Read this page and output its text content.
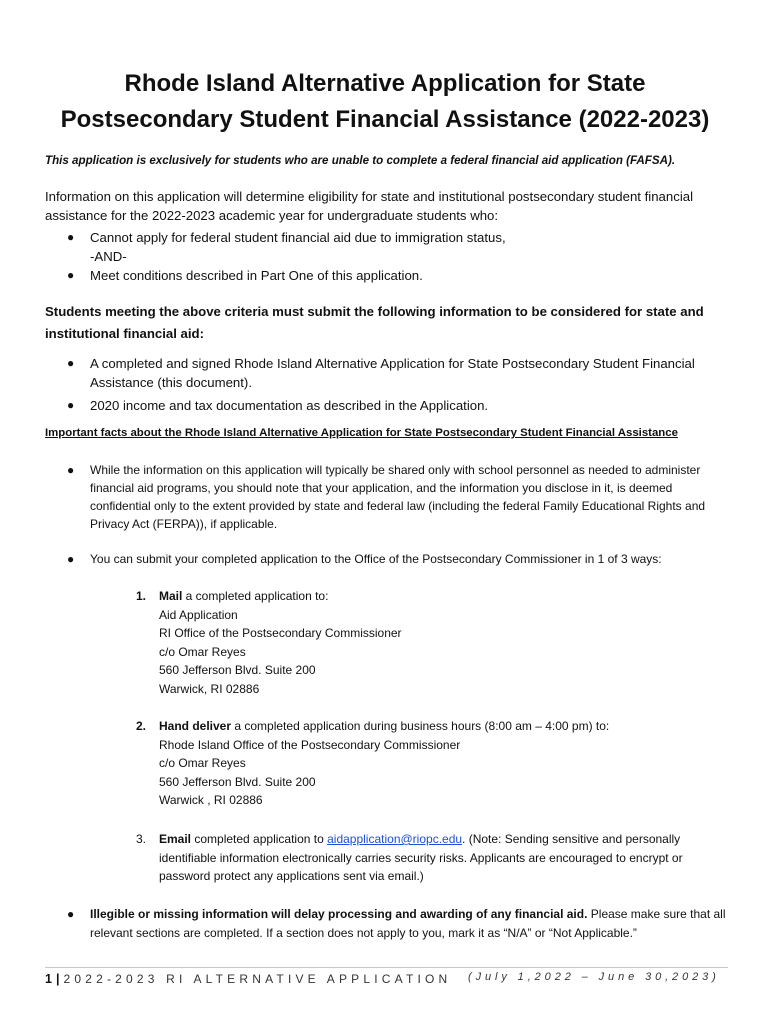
Rhode Island Alternative Application for State
Postsecondary Student Financial Assistance (2022-2023)
This application is exclusively for students who are unable to complete a federal financial aid application (FAFSA).
Information on this application will determine eligibility for state and institutional postsecondary student financial assistance for the 2022-2023 academic year for undergraduate students who:
● Cannot apply for federal student financial aid due to immigration status,
-AND-
● Meet conditions described in Part One of this application.
Students meeting the above criteria must submit the following information to be considered for state and institutional financial aid:
● A completed and signed Rhode Island Alternative Application for State Postsecondary Student Financial Assistance (this document).
● 2020 income and tax documentation as described in the Application.
Important facts about the Rhode Island Alternative Application for State Postsecondary Student Financial Assistance
● While the information on this application will typically be shared only with school personnel as needed to administer financial aid programs, you should note that your application, and the information you disclose in it, is deemed confidential only to the extent provided by state and federal law (including the federal Family Educational Rights and Privacy Act (FERPA)), if applicable.
● You can submit your completed application to the Office of the Postsecondary Commissioner in 1 of 3 ways:
1. Mail a completed application to:
Aid Application
RI Office of the Postsecondary Commissioner
c/o Omar Reyes
560 Jefferson Blvd. Suite 200
Warwick, RI 02886
2. Hand deliver a completed application during business hours (8:00 am – 4:00 pm) to:
Rhode Island Office of the Postsecondary Commissioner
c/o Omar Reyes
560 Jefferson Blvd. Suite 200
Warwick , RI 02886
3. Email completed application to aidapplication@riopc.edu. (Note: Sending sensitive and personally identifiable information electronically carries security risks. Applicants are encouraged to encrypt or password protect any applications sent via email.)
● Illegible or missing information will delay processing and awarding of any financial aid. Please make sure that all relevant sections are completed. If a section does not apply to you, mark it as “N/A” or “Not Applicable.”
1 | 2022-2023 RI ALTERNATIVE APPLICATION (July 1,2022 – June 30,2023)
